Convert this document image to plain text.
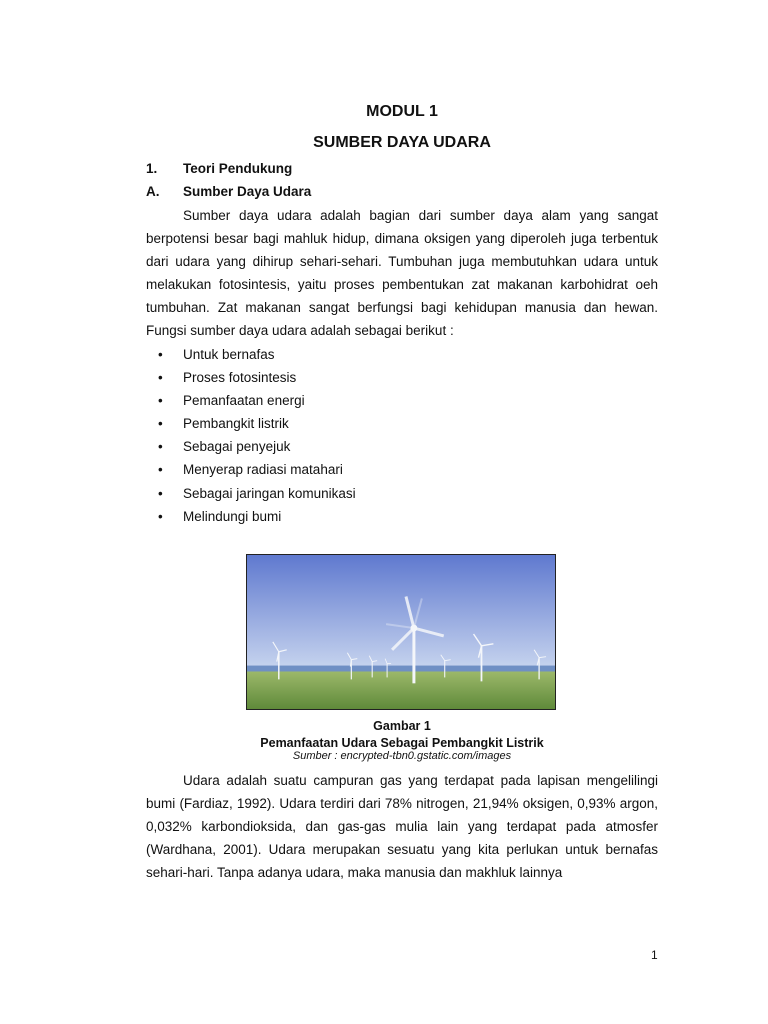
MODUL 1
SUMBER DAYA UDARA
1. Teori Pendukung
A. Sumber Daya Udara

Sumber daya udara adalah bagian dari sumber daya alam yang sangat berpotensi besar bagi mahluk hidup, dimana oksigen yang diperoleh juga terbentuk dari udara yang dihirup sehari-sehari. Tumbuhan juga membutuhkan udara untuk melakukan fotosintesis, yaitu proses pembentukan zat makanan karbohidrat oeh tumbuhan. Zat makanan sangat berfungsi bagi kehidupan manusia dan hewan. Fungsi sumber daya udara adalah sebagai berikut :

• Untuk bernafas
• Proses fotosintesis
• Pemanfaatan energi
• Pembangkit listrik
• Sebagai penyejuk
• Menyerap radiasi matahari
• Sebagai jaringan komunikasi
• Melindungi bumi
Gambar 1
Pemanfaatan Udara Sebagai Pembangkit Listrik
Sumber : encrypted-tbn0.gstatic.com/images

Udara adalah suatu campuran gas yang terdapat pada lapisan mengelilingi bumi (Fardiaz, 1992). Udara terdiri dari 78% nitrogen, 21,94% oksigen, 0,93% argon, 0,032% karbondioksida, dan gas-gas mulia lain yang terdapat pada atmosfer (Wardhana, 2001). Udara merupakan sesuatu yang kita perlukan untuk bernafas sehari-hari. Tanpa adanya udara, maka manusia dan makhluk lainnya

1
